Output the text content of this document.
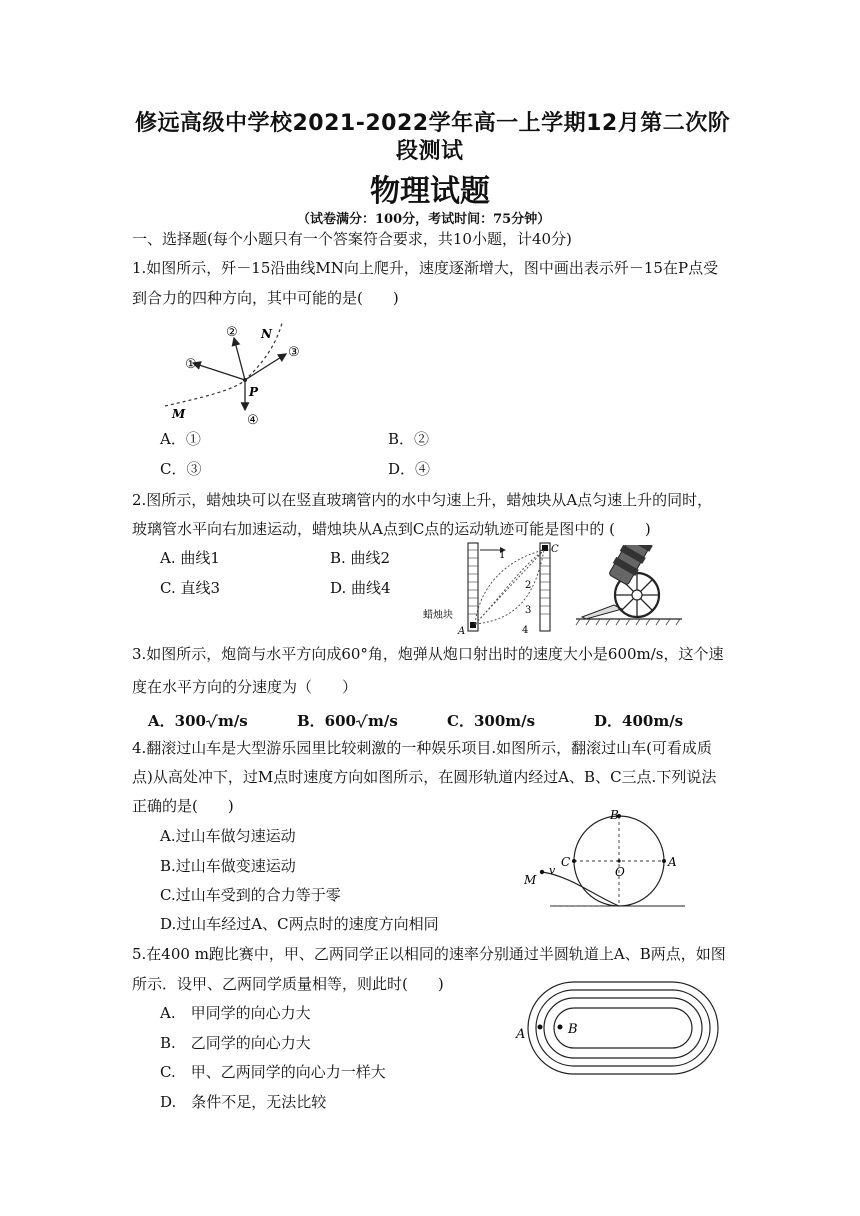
修远高级中学校2021-2022学年高一上学期12月第二次阶
段测试
物理试题
（试卷满分：100分，考试时间：75分钟）
一、选择题(每个小题只有一个答案符合要求，共10小题，计40分)
1.如图所示，歼－15沿曲线MN向上爬升，速度逐渐增大，图中画出表示歼－15在P点受
到合力的四种方向，其中可能的是(　　)
①
②
③
④
N
M
P
A．①	B．②
C．③	D．④
2.图所示，蜡烛块可以在竖直玻璃管内的水中匀速上升，蜡烛块从A点匀速上升的同时，
玻璃管水平向右加速运动，蜡烛块从A点到C点的运动轨迹可能是图中的 (　　)
A. 曲线1	B. 曲线2
C. 直线3	D. 曲线4
1
2
3
4
蜡烛块
A
C
3.如图所示，炮筒与水平方向成60°角，炮弹从炮口射出时的速度大小是600m/s，这个速
度在水平方向的分速度为（　　）
A．300 m/s	B．600 m/s	C．300m/s	D．400m/s
4.翻滚过山车是大型游乐园里比较刺激的一种娱乐项目.如图所示，翻滚过山车(可看成质
点)从高处冲下，过M点时速度方向如图所示，在圆形轨道内经过A、B、C三点.下列说法
正确的是(　　)
A.过山车做匀速运动
B.过山车做变速运动
C.过山车受到的合力等于零
D.过山车经过A、C两点时的速度方向相同
B
C
O
A
M
v
5.在400 m跑比赛中，甲、乙两同学正以相同的速率分别通过半圆轨道上A、B两点，如图
所示．设甲、乙两同学质量相等，则此时(　　)
A.　甲同学的向心力大
B.　乙同学的向心力大
C.　甲、乙两同学的向心力一样大
D.　条件不足，无法比较
A	B
